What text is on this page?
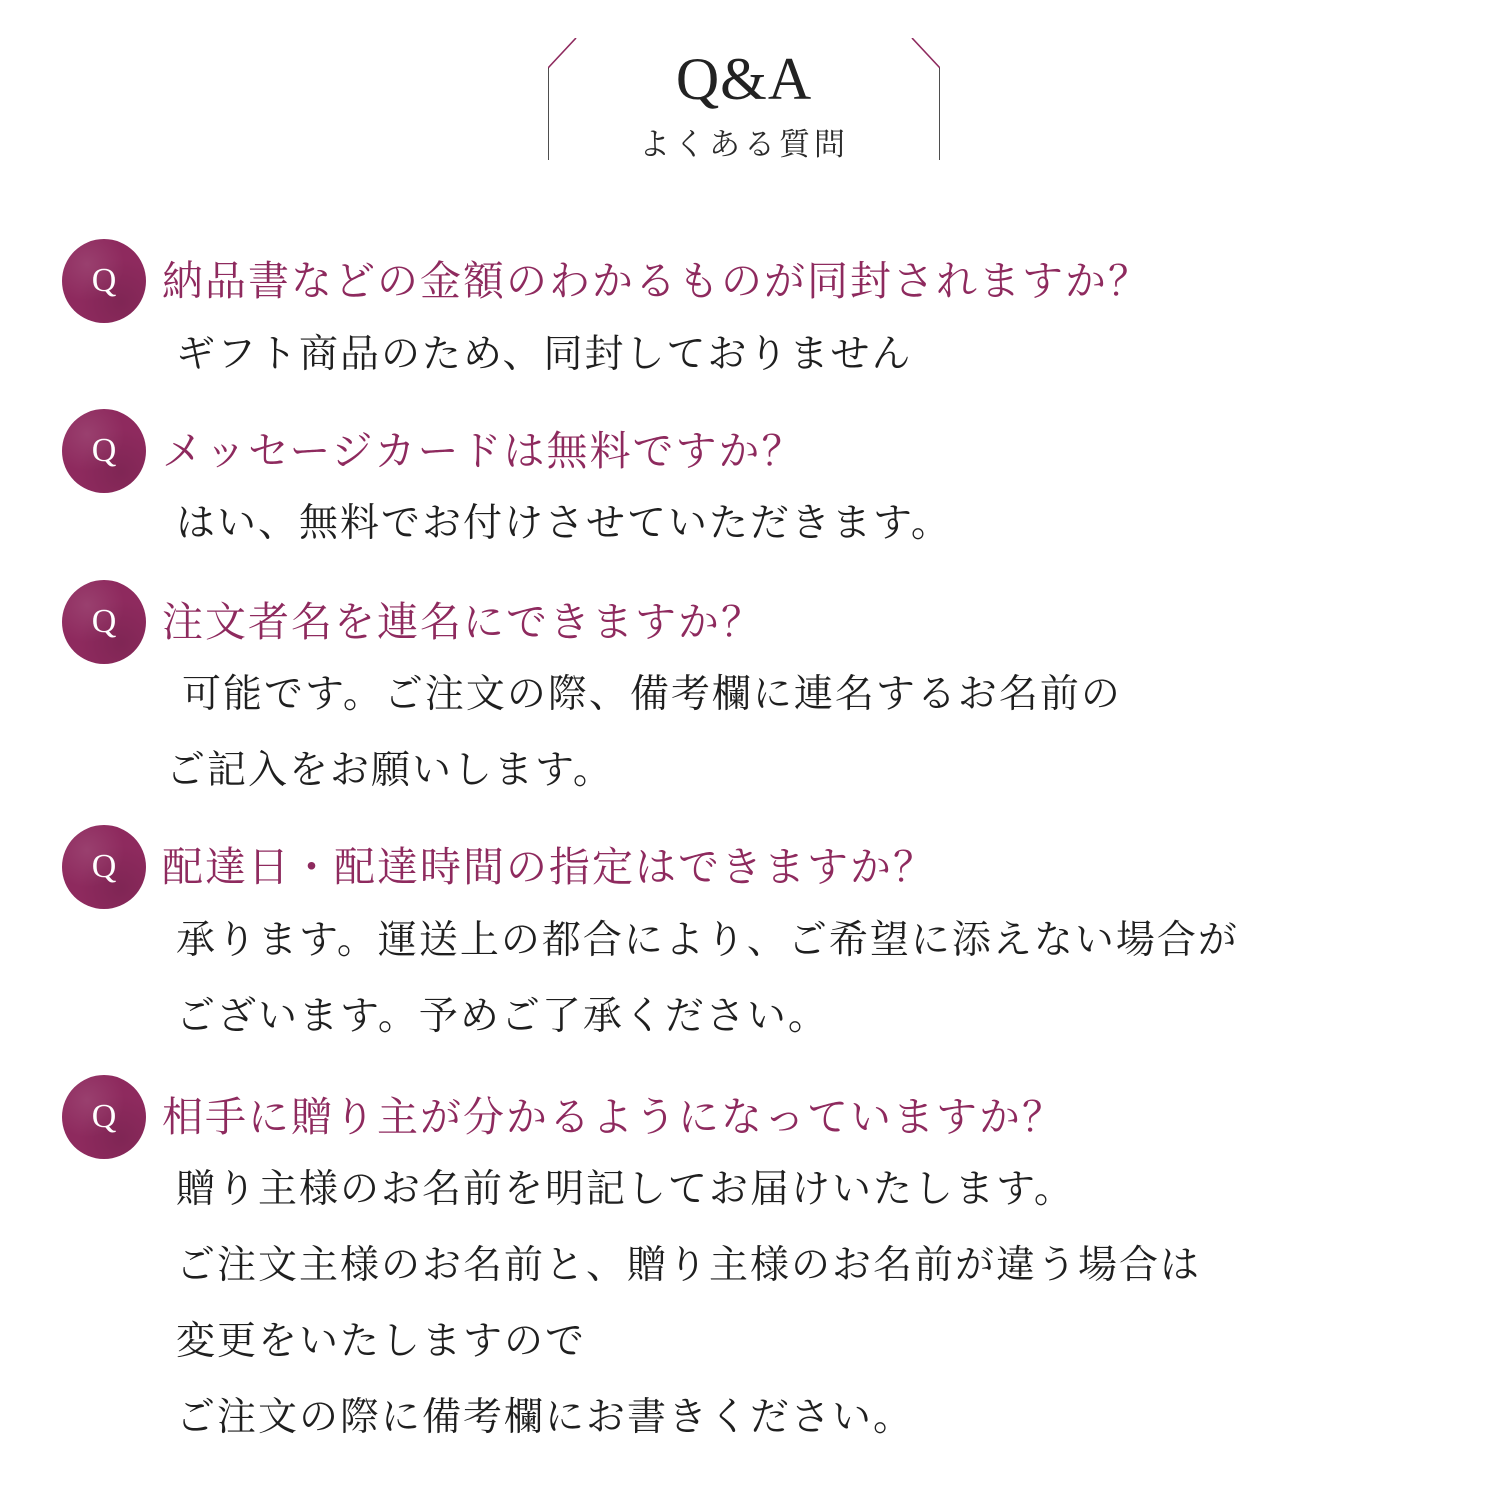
Q&A
よくある質問
Q 納品書などの金額のわかるものが同封されますか？
ギフト商品のため、同封しておりません
Q メッセージカードは無料ですか？
はい、無料でお付けさせていただきます。
Q 注文者名を連名にできますか？
可能です。ご注文の際、備考欄に連名するお名前の
ご記入をお願いします。
Q 配達日・配達時間の指定はできますか？
承ります。運送上の都合により、ご希望に添えない場合が
ございます。予めご了承ください。
Q 相手に贈り主が分かるようになっていますか？
贈り主様のお名前を明記してお届けいたします。
ご注文主様のお名前と、贈り主様のお名前が違う場合は
変更をいたしますので
ご注文の際に備考欄にお書きください。
